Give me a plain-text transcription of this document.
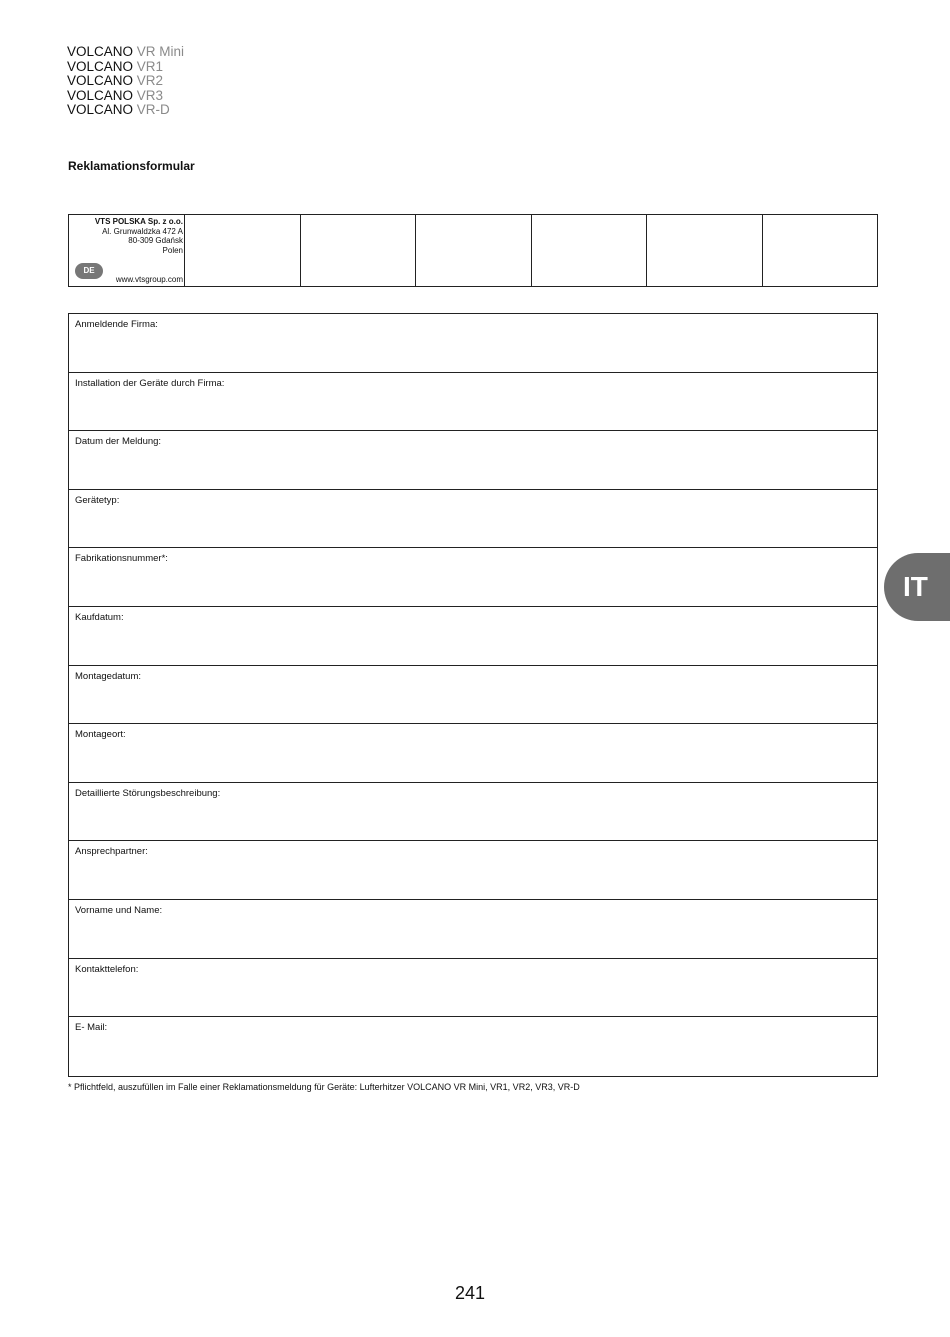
VOLCANO VR Mini
VOLCANO VR1
VOLCANO VR2
VOLCANO VR3
VOLCANO VR-D
Reklamationsformular
VTS POLSKA Sp. z o.o.
Al. Grunwaldzka 472 A
80-309 Gdańsk
Polen
DE
www.vtsgroup.com
Anmeldende Firma:
Installation der Geräte durch Firma:
Datum der Meldung:
Gerätetyp:
Fabrikationsnummer*:
Kaufdatum:
Montagedatum:
Montageort:
Detaillierte Störungsbeschreibung:
Ansprechpartner:
Vorname und Name:
Kontakttelefon:
E- Mail:
* Pflichtfeld, auszufüllen im Falle einer Reklamationsmeldung für Geräte: Lufterhitzer VOLCANO VR Mini, VR1, VR2, VR3, VR-D
IT
241
